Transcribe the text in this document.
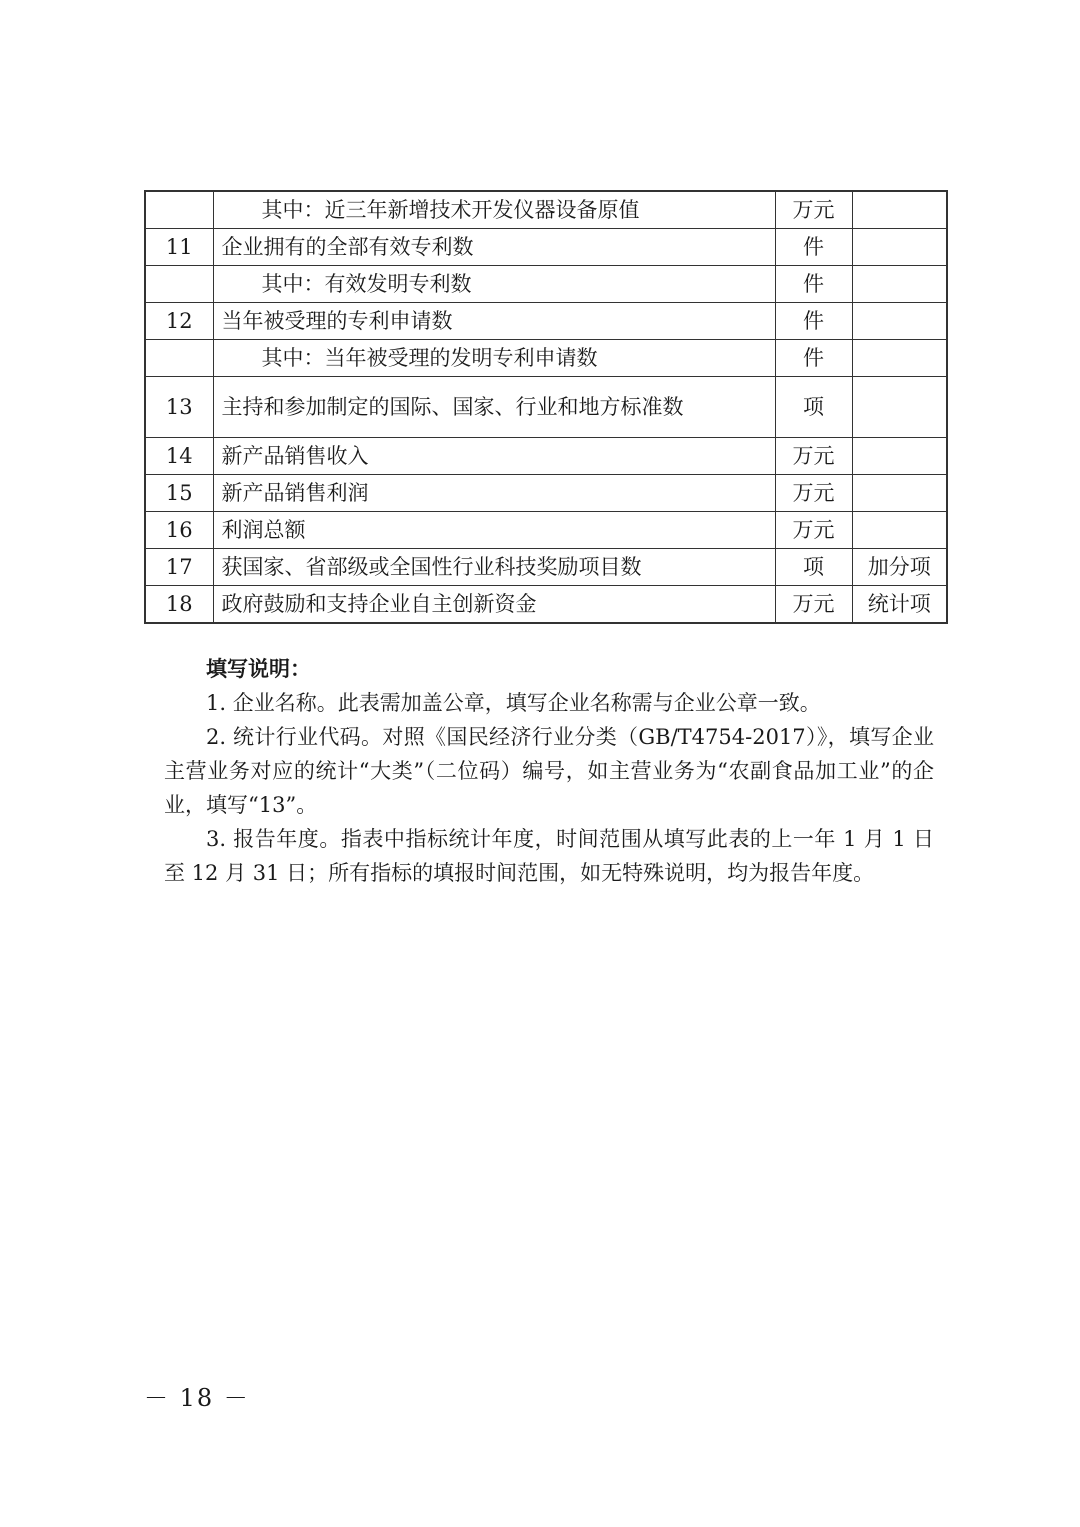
	其中：近三年新增技术开发仪器设备原值	万元	
11	企业拥有的全部有效专利数	件	
	其中：有效发明专利数	件	
12	当年被受理的专利申请数	件	
	其中：当年被受理的发明专利申请数	件	
13	主持和参加制定的国际、国家、行业和地方标准数	项	
14	新产品销售收入	万元	
15	新产品销售利润	万元	
16	利润总额	万元	
17	获国家、省部级或全国性行业科技奖励项目数	项	加分项
18	政府鼓励和支持企业自主创新资金	万元	统计项
填写说明：

1. 企业名称。此表需加盖公章，填写企业名称需与企业公章一致。

2. 统计行业代码。对照《国民经济行业分类（GB/T4754-2017）》，填写企业主营业务对应的统计“大类”（二位码）编号，如主营业务为“农副食品加工业”的企业，填写“13”。

3. 报告年度。指表中指标统计年度，时间范围从填写此表的上一年 1 月 1 日至 12 月 31 日；所有指标的填报时间范围，如无特殊说明，均为报告年度。

－ 18 －
